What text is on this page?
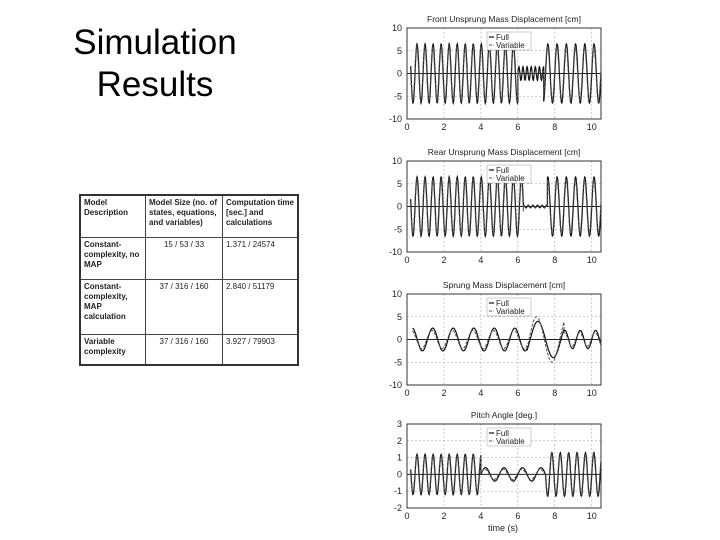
Simulation
Results
Model Description	Model Size (no. of states, equations, and variables)	Computation time [sec.] and calculations
Constant-complexity, no MAP	15 / 53 / 33	1.371 / 24574
Constant-complexity, MAP calculation	37 / 316 / 160	2.840 / 51179
Variable complexity	37 / 316 / 160	3.927 / 79903
Front Unsprung Mass Displacement [cm]
0	2	4	6	8	10
10
5
0
-5
-10
Full
Variable
Rear Unsprung Mass Displacement [cm]
0	2	4	6	8	10
10
5
0
-5
-10
Full
Variable
Sprung Mass Displacement [cm]
0	2	4	6	8	10
10
5
0
-5
-10
Full
Variable
Pitch Angle [deg.]
0	2	4	6	8	10
3
2
1
0
-1
-2
Full
Variable
time (s)
